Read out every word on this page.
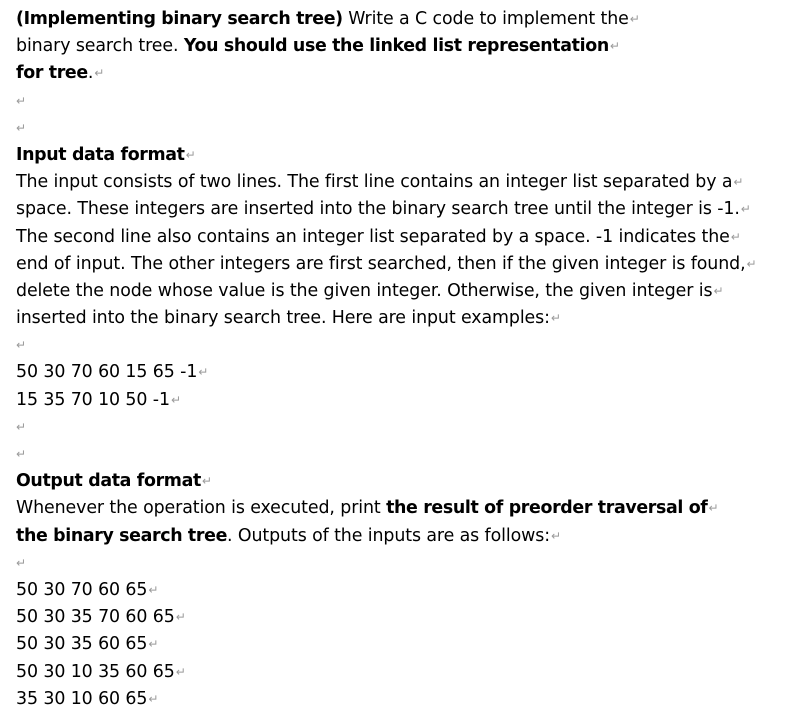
(Implementing binary search tree) Write a C code to implement the↵
binary search tree. You should use the linked list representation↵
for tree.↵
↵
↵
Input data format↵
The input consists of two lines. The first line contains an integer list separated by a↵
space. These integers are inserted into the binary search tree until the integer is -1.↵
The second line also contains an integer list separated by a space. -1 indicates the↵
end of input. The other integers are first searched, then if the given integer is found,↵
delete the node whose value is the given integer. Otherwise, the given integer is↵
inserted into the binary search tree. Here are input examples:↵
↵
50 30 70 60 15 65 -1↵
15 35 70 10 50 -1↵
↵
↵
Output data format↵
Whenever the operation is executed, print the result of preorder traversal of↵
the binary search tree. Outputs of the inputs are as follows:↵
↵
50 30 70 60 65↵
50 30 35 70 60 65↵
50 30 35 60 65↵
50 30 10 35 60 65↵
35 30 10 60 65↵
